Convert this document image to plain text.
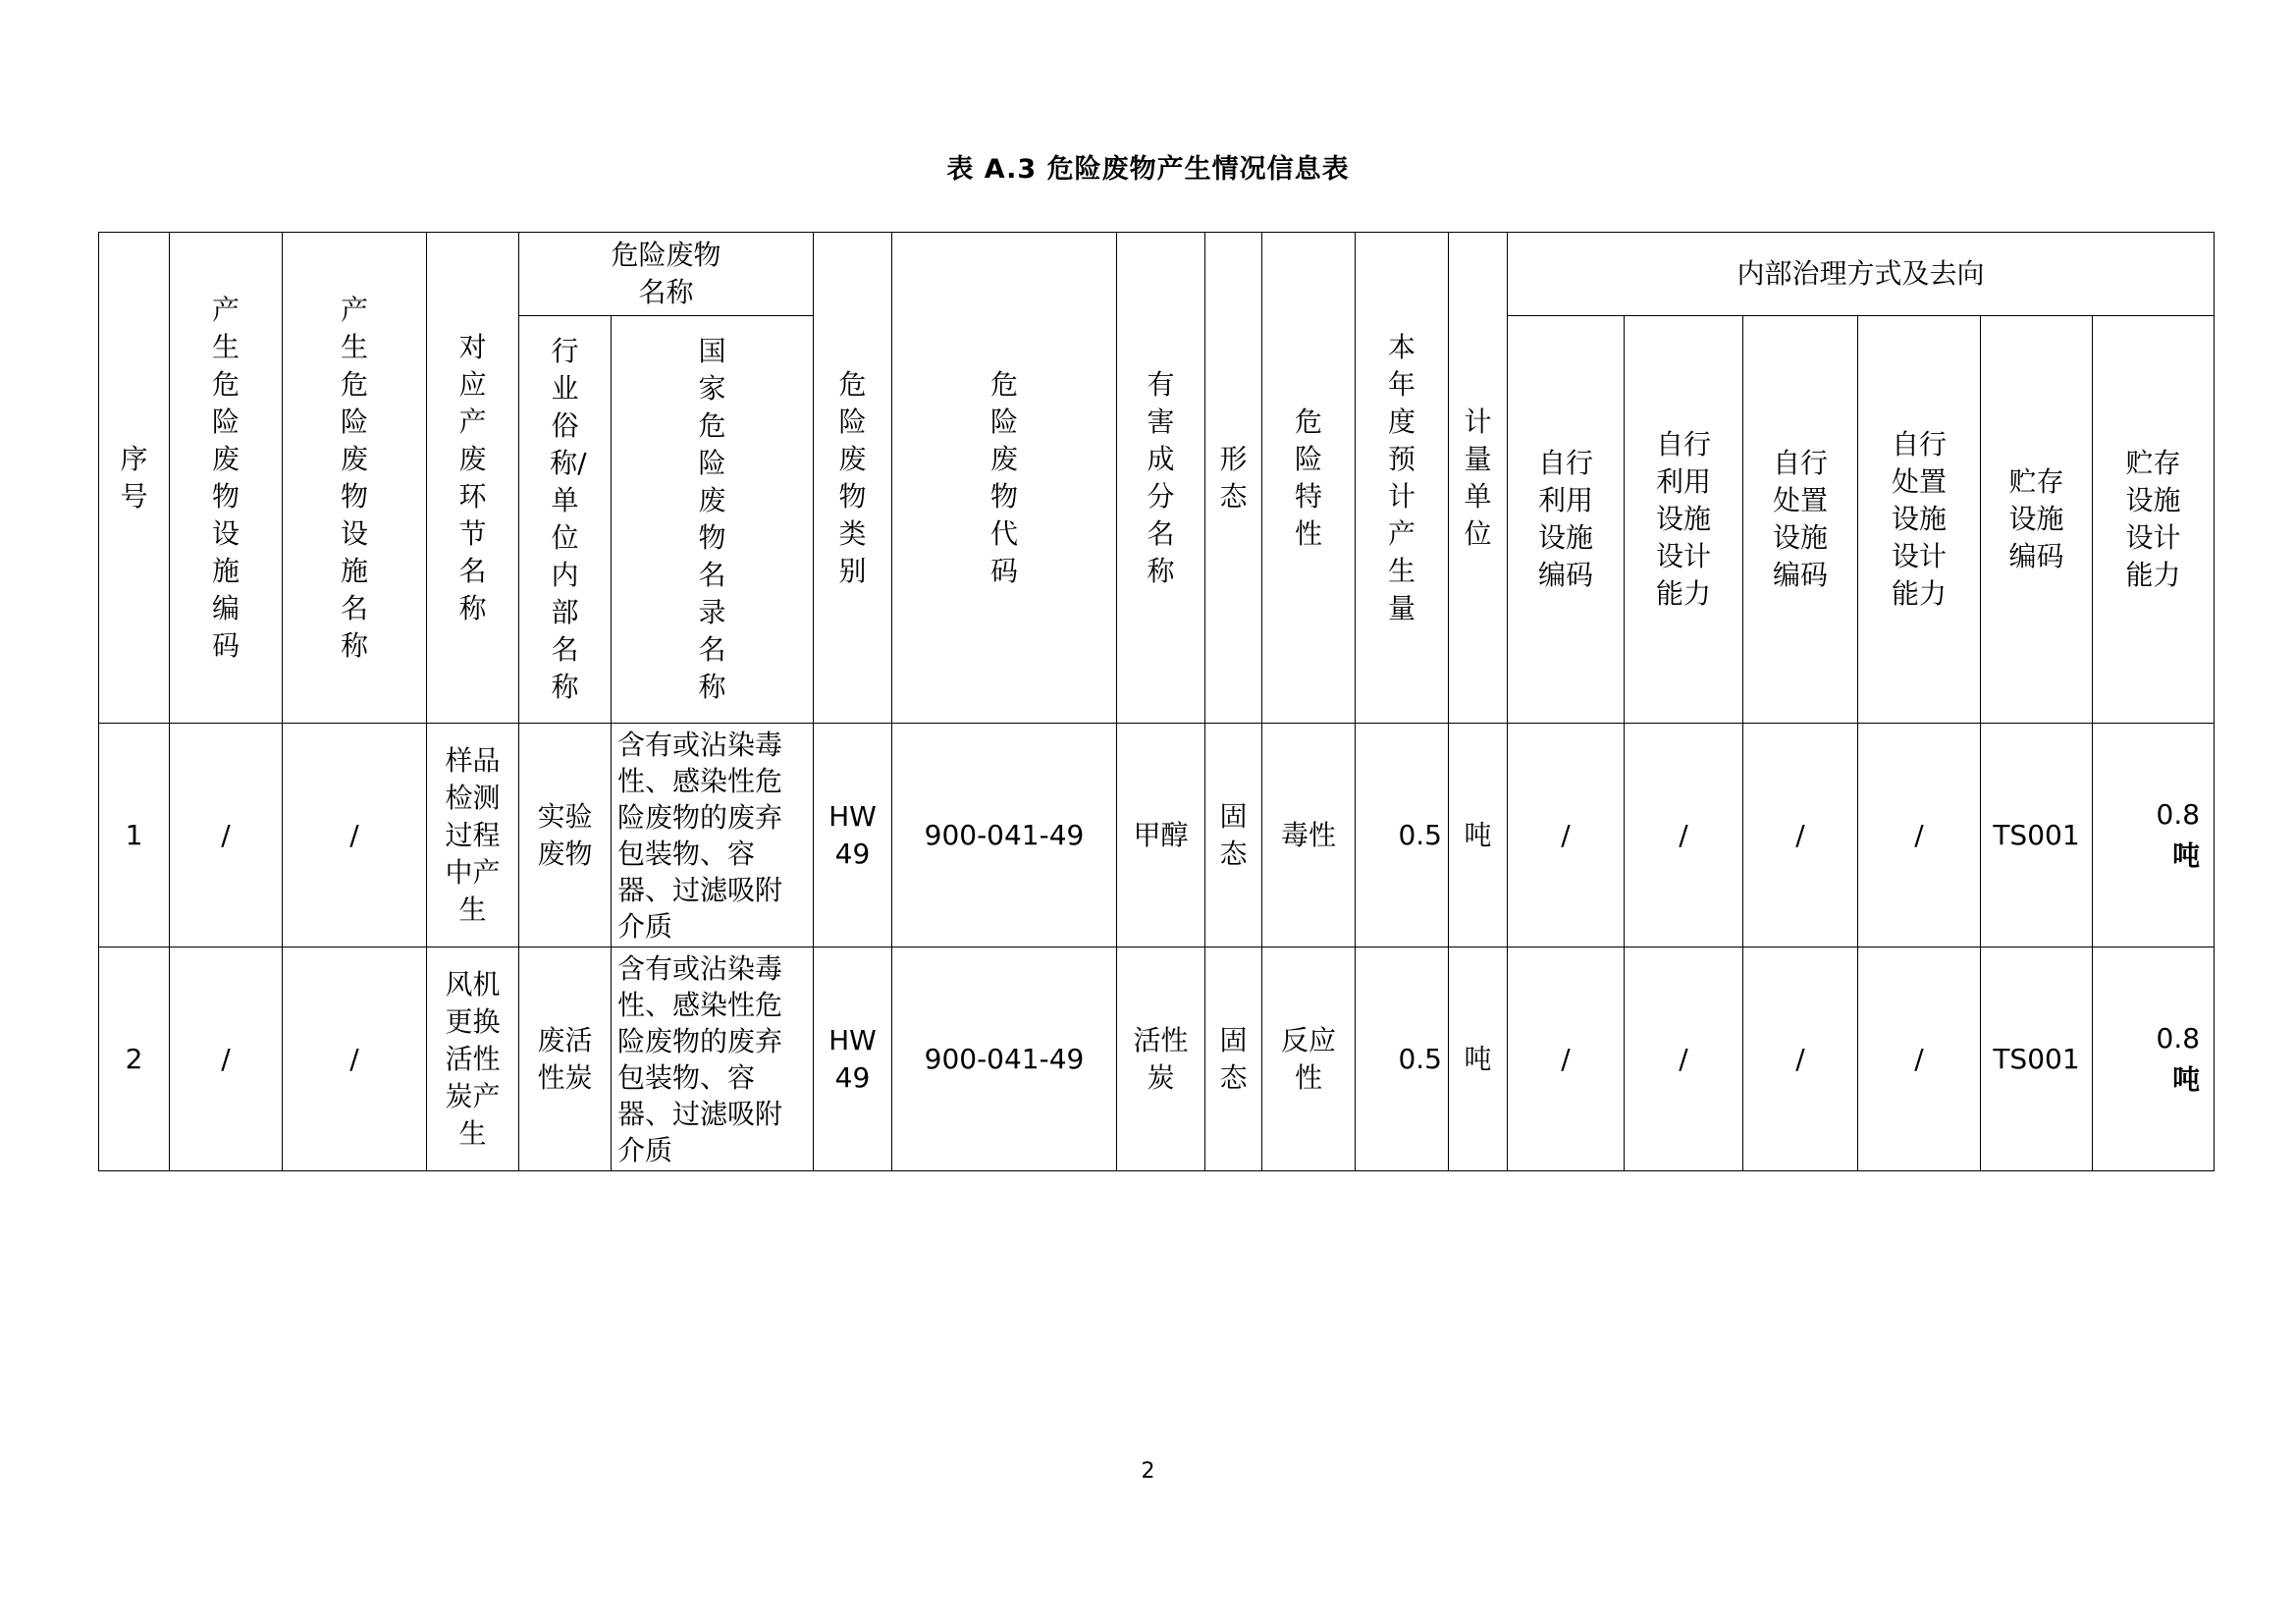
表 A.3 危险废物产生情况信息表
序号	产生危险废物设施编码	产生危险废物设施名称	对应产废环节名称	危险废物名称		危险废物类别	危险废物代码	有害成分名称	形态	危险特性	本年度预计产生量	计量单位	内部治理方式及去向					
				行业俗称/单位内部名称	国家危险废物名录名称								自行利用设施编码	自行利用设施设计能力	自行处置设施编码	自行处置设施设计能力	贮存设施编码	贮存设施设计能力
1	/	/	样品检测过程中产生	实验废物	含有或沾染毒性、感染性危险废物的废弃包装物、容器、过滤吸附介质	HW49	900-041-49	甲醇	固态	毒性	0.5	吨	/	/	/	/	TS001	0.8
吨

2	/	/	风机更换活性炭产生	废活性炭	含有或沾染毒性、感染性危险废物的废弃包装物、容器、过滤吸附介质	HW49	900-041-49	活性炭	固态	反应性	0.5	吨	/	/	/	/	TS001	0.8
吨
2
